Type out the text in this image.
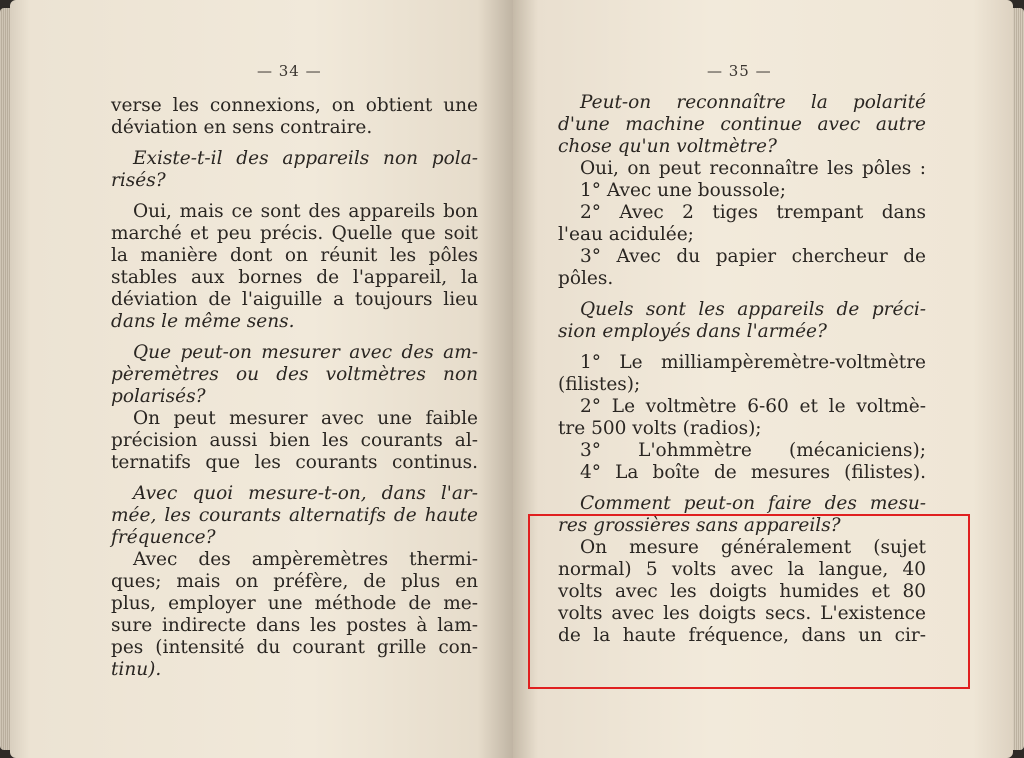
— 34 —
verse les connexions, on obtient une
déviation en sens contraire.
Existe-t-il des appareils non pola-
risés?
Oui, mais ce sont des appareils bon
marché et peu précis. Quelle que soit
la manière dont on réunit les pôles
stables aux bornes de l'appareil, la
déviation de l'aiguille a toujours lieu
dans le même sens.
Que peut-on mesurer avec des am-
pèremètres ou des voltmètres non
polarisés?
On peut mesurer avec une faible
précision aussi bien les courants al-
ternatifs que les courants continus.
Avec quoi mesure-t-on, dans l'ar-
mée, les courants alternatifs de haute
fréquence?
Avec des ampèremètres thermi-
ques; mais on préfère, de plus en
plus, employer une méthode de me-
sure indirecte dans les postes à lam-
pes (intensité du courant grille con-
tinu).
— 35 —
Peut-on reconnaître la polarité
d'une machine continue avec autre
chose qu'un voltmètre?
Oui, on peut reconnaître les pôles :
1° Avec une boussole;
2° Avec 2 tiges trempant dans
l'eau acidulée;
3° Avec du papier chercheur de
pôles.
Quels sont les appareils de préci-
sion employés dans l'armée?
1° Le milliampèremètre-voltmètre
(filistes);
2° Le voltmètre 6-60 et le voltmè-
tre 500 volts (radios);
3° L'ohmmètre (mécaniciens);
4° La boîte de mesures (filistes).
Comment peut-on faire des mesu-
res grossières sans appareils?
On mesure généralement (sujet
normal) 5 volts avec la langue, 40
volts avec les doigts humides et 80
volts avec les doigts secs. L'existence
de la haute fréquence, dans un cir-
